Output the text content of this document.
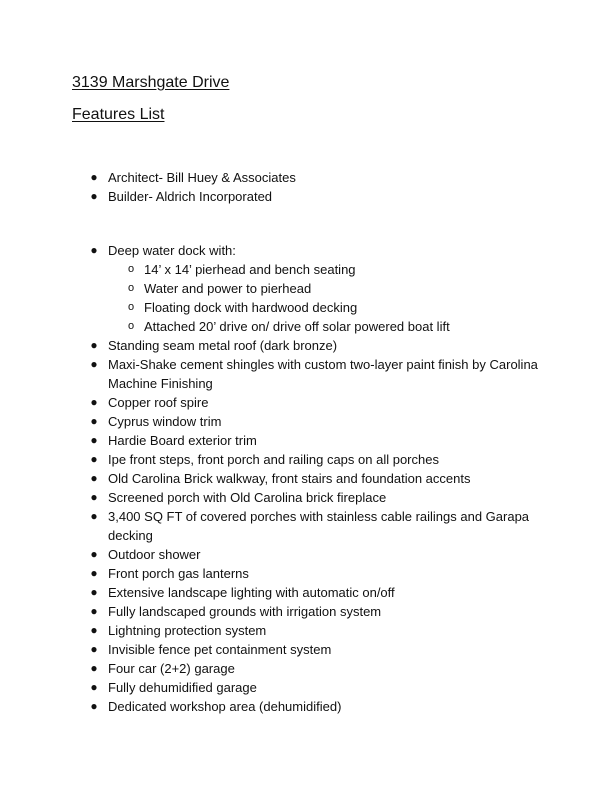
3139 Marshgate Drive
Features List
● Architect- Bill Huey & Associates
● Builder- Aldrich Incorporated
● Deep water dock with:
o 14’ x 14’ pierhead and bench seating
o Water and power to pierhead
o Floating dock with hardwood decking
o Attached 20’ drive on/ drive off solar powered boat lift
● Standing seam metal roof (dark bronze)
● Maxi-Shake cement shingles with custom two-layer paint finish by Carolina Machine Finishing
● Copper roof spire
● Cyprus window trim
● Hardie Board exterior trim
● Ipe front steps, front porch and railing caps on all porches
● Old Carolina Brick walkway, front stairs and foundation accents
● Screened porch with Old Carolina brick fireplace
● 3,400 SQ FT of covered porches with stainless cable railings and Garapa decking
● Outdoor shower
● Front porch gas lanterns
● Extensive landscape lighting with automatic on/off
● Fully landscaped grounds with irrigation system
● Lightning protection system
● Invisible fence pet containment system
● Four car (2+2) garage
● Fully dehumidified garage
● Dedicated workshop area (dehumidified)
